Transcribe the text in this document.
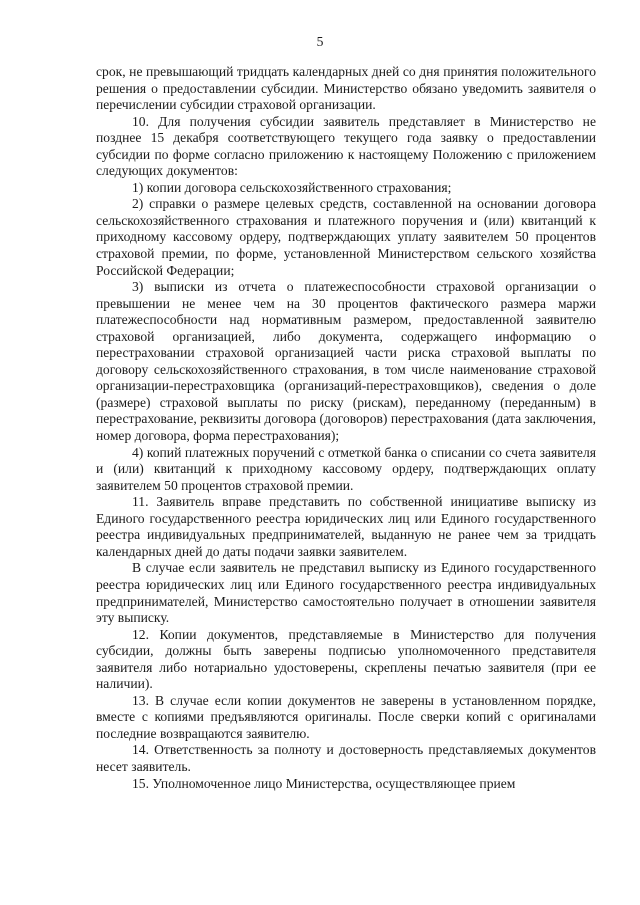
5

срок, не превышающий тридцать календарных дней со дня принятия положительного решения о предоставлении субсидии. Министерство обязано уведомить заявителя о перечислении субсидии страховой организации.

10. Для получения субсидии заявитель представляет в Министерство не позднее 15 декабря соответствующего текущего года заявку о предоставлении субсидии по форме согласно приложению к настоящему Положению с приложением следующих документов:

1) копии договора сельскохозяйственного страхования;

2) справки о размере целевых средств, составленной на основании договора сельскохозяйственного страхования и платежного поручения и (или) квитанций к приходному кассовому ордеру, подтверждающих уплату заявителем 50 процентов страховой премии, по форме, установленной Министерством сельского хозяйства Российской Федерации;

3) выписки из отчета о платежеспособности страховой организации о превышении не менее чем на 30 процентов фактического размера маржи платежеспособности над нормативным размером, предоставленной заявителю страховой организацией, либо документа, содержащего информацию о перестраховании страховой организацией части риска страховой выплаты по договору сельскохозяйственного страхования, в том числе наименование страховой организации-перестраховщика (организаций-перестраховщиков), сведения о доле (размере) страховой выплаты по риску (рискам), переданному (переданным) в перестрахование, реквизиты договора (договоров) перестрахования (дата заключения, номер договора, форма перестрахования);

4) копий платежных поручений с отметкой банка о списании со счета заявителя и (или) квитанций к приходному кассовому ордеру, подтверждающих оплату заявителем 50 процентов страховой премии.

11. Заявитель вправе представить по собственной инициативе выписку из Единого государственного реестра юридических лиц или Единого государственного реестра индивидуальных предпринимателей, выданную не ранее чем за тридцать календарных дней до даты подачи заявки заявителем.

В случае если заявитель не представил выписку из Единого государственного реестра юридических лиц или Единого государственного реестра индивидуальных предпринимателей, Министерство самостоятельно получает в отношении заявителя эту выписку.

12. Копии документов, представляемые в Министерство для получения субсидии, должны быть заверены подписью уполномоченного представителя заявителя либо нотариально удостоверены, скреплены печатью заявителя (при ее наличии).

13. В случае если копии документов не заверены в установленном порядке, вместе с копиями предъявляются оригиналы. После сверки копий с оригиналами последние возвращаются заявителю.

14. Ответственность за полноту и достоверность представляемых документов несет заявитель.

15. Уполномоченное лицо Министерства, осуществляющее прием
